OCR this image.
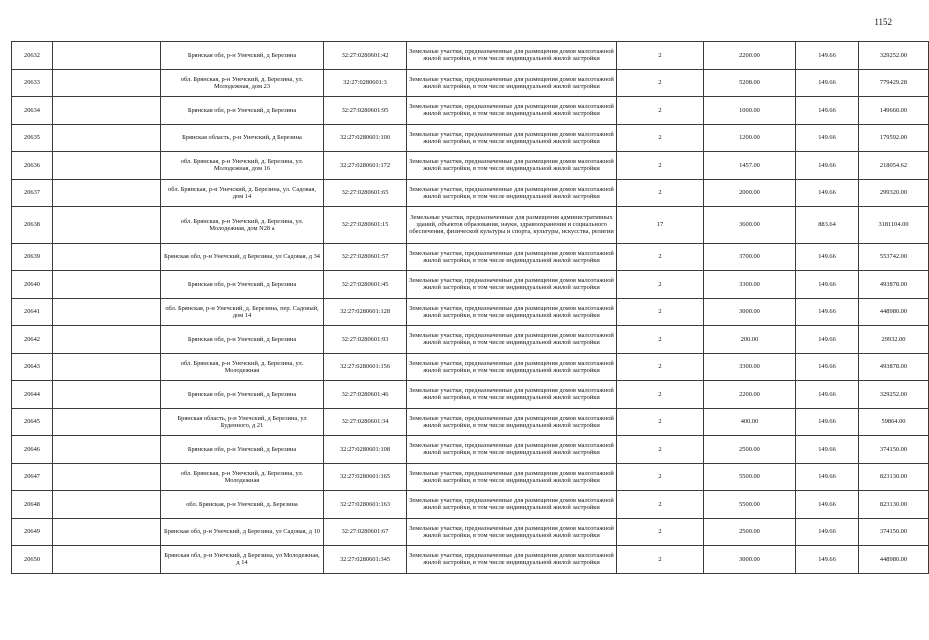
1152
20632		Брянская обл, р-н Унечский, д Березина	32:27:0280601:42	Земельные участки, предназначенные для размещения домов малоэтажной жилой застройки, в том числе индивидуальной жилой застройки	2	2200.00	149.66	329252.00
20633		обл. Брянская, р-н Унечский, д. Березина, ул. Молодежная, дом 23	32:27:0280601:3	Земельные участки, предназначенные для размещения домов малоэтажной жилой застройки, в том числе индивидуальной жилой застройки	2	5208.00	149.66	779429.28
20634		Брянская обл, р-н Унечский, д Березина	32:27:0280601:95	Земельные участки, предназначенные для размещения домов малоэтажной жилой застройки, в том числе индивидуальной жилой застройки	2	1000.00	149.66	149660.00
20635		Брянская область, р-н Унечский, д Березина	32:27:0280601:100	Земельные участки, предназначенные для размещения домов малоэтажной жилой застройки, в том числе индивидуальной жилой застройки	2	1200.00	149.66	179592.00
20636		обл. Брянская, р-н Унечский, д. Березина, ул. Молодежная, дом 16	32:27:0280601:172	Земельные участки, предназначенные для размещения домов малоэтажной жилой застройки, в том числе индивидуальной жилой застройки	2	1457.00	149.66	218054.62
20637		обл. Брянская, р-н Унечский, д. Березина, ул. Садовая, дом 14	32:27:0280601:65	Земельные участки, предназначенные для размещения домов малоэтажной жилой застройки, в том числе индивидуальной жилой застройки	2	2000.00	149.66	299320.00
20638		обл. Брянская, р-н Унечский, д. Березина, ул. Молодежная, дом N28 а	32:27:0280601:15	Земельные участки, предназначенные для размещения административных зданий, объектов образования, науки, здравоохранения и социального обеспечения, физической культуры и спорта, культуры, искусства, религии	17	3600.00	883.64	3181104.00
20639		Брянская обл, р-н Унечский, д Березина, ул Садовая, д 34	32:27:0280601:57	Земельные участки, предназначенные для размещения домов малоэтажной жилой застройки, в том числе индивидуальной жилой застройки	2	3700.00	149.66	553742.00
20640		Брянская обл, р-н Унечский, д Березина	32:27:0280601:45	Земельные участки, предназначенные для размещения домов малоэтажной жилой застройки, в том числе индивидуальной жилой застройки	2	3300.00	149.66	493878.00
20641		обл. Брянская, р-н Унечский, д. Березина, пер. Садовый, дом 14	32:27:0280601:128	Земельные участки, предназначенные для размещения домов малоэтажной жилой застройки, в том числе индивидуальной жилой застройки	2	3000.00	149.66	448980.00
20642		Брянская обл, р-н Унечский, д Березина	32:27:0280601:93	Земельные участки, предназначенные для размещения домов малоэтажной жилой застройки, в том числе индивидуальной жилой застройки	2	200.00	149.66	29932.00
20643		обл. Брянская, р-н Унечский, д. Березина, ул. Молодежная	32:27:0280601:156	Земельные участки, предназначенные для размещения домов малоэтажной жилой застройки, в том числе индивидуальной жилой застройки	2	3300.00	149.66	493878.00
20644		Брянская обл, р-н Унечский, д Березина	32:27:0280601:46	Земельные участки, предназначенные для размещения домов малоэтажной жилой застройки, в том числе индивидуальной жилой застройки	2	2200.00	149.66	329252.00
20645		Брянская область, р-н Унечский, д Березина, ул Буденного, д 21	32:27:0280601:34	Земельные участки, предназначенные для размещения домов малоэтажной жилой застройки, в том числе индивидуальной жилой застройки	2	400.00	149.66	59864.00
20646		Брянская обл, р-н Унечский, д Березина	32:27:0280601:108	Земельные участки, предназначенные для размещения домов малоэтажной жилой застройки, в том числе индивидуальной жилой застройки	2	2500.00	149.66	374150.00
20647		обл. Брянская, р-н Унечский, д. Березина, ул. Молодежная	32:27:0280601:165	Земельные участки, предназначенные для размещения домов малоэтажной жилой застройки, в том числе индивидуальной жилой застройки	2	5500.00	149.66	823130.00
20648		обл. Брянская, р-н Унечский, д. Березина	32:27:0280601:163	Земельные участки, предназначенные для размещения домов малоэтажной жилой застройки, в том числе индивидуальной жилой застройки	2	5500.00	149.66	823130.00
20649		Брянская обл, р-н Унечский, д Березина, ул Садовая, д 10	32:27:0280601:67	Земельные участки, предназначенные для размещения домов малоэтажной жилой застройки, в том числе индивидуальной жилой застройки	2	2500.00	149.66	374150.00
20650		Брянская обл, р-н Унечский, д Березина, ул Молодежная, д 14	32:27:0280601:345	Земельные участки, предназначенные для размещения домов малоэтажной жилой застройки, в том числе индивидуальной жилой застройки	2	3000.00	149.66	448980.00
